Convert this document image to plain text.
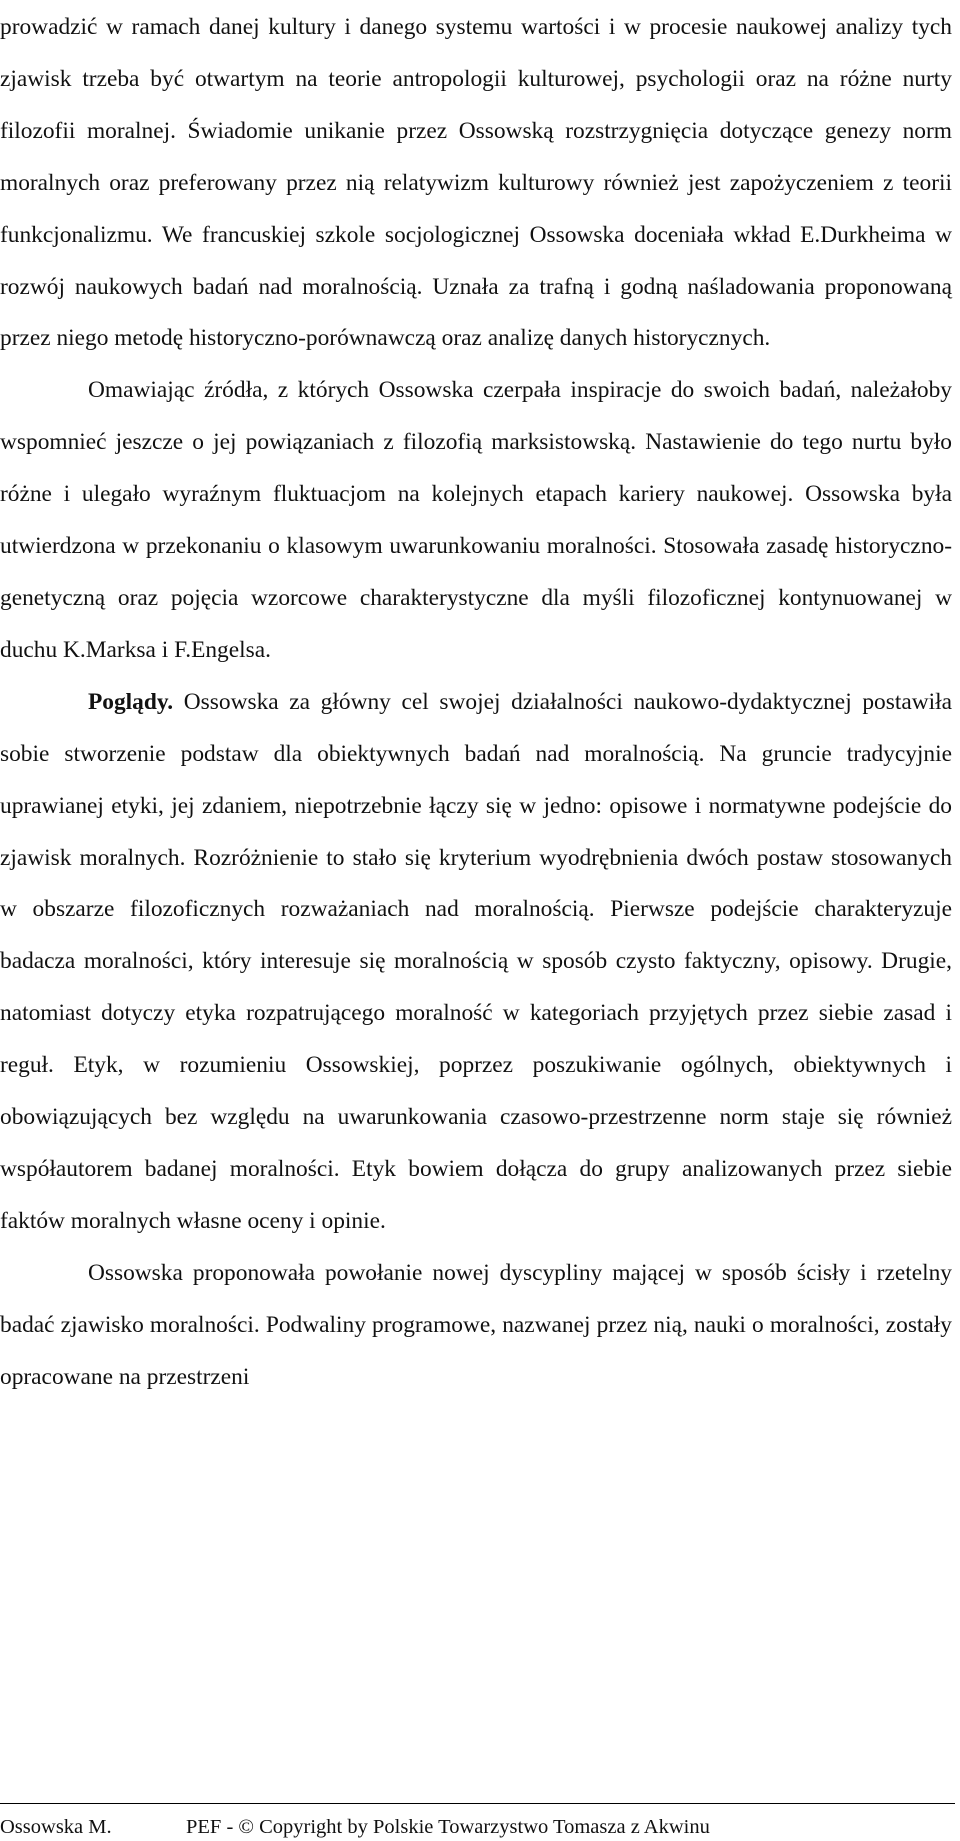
prowadzić w ramach danej kultury i danego systemu wartości i w procesie naukowej analizy tych zjawisk trzeba być otwartym na teorie antropologii kulturowej, psychologii oraz na różne nurty filozofii moralnej. Świadomie unikanie przez Ossowską rozstrzygnięcia dotyczące genezy norm moralnych oraz preferowany przez nią relatywizm kulturowy również jest zapożyczeniem z teorii funkcjonalizmu. We francuskiej szkole socjologicznej Ossowska doceniała wkład E.Durkheima w rozwój naukowych badań nad moralnością. Uznała za trafną i godną naśladowania proponowaną przez niego metodę historyczno-porównawczą oraz analizę danych historycznych.

Omawiając źródła, z których Ossowska czerpała inspiracje do swoich badań, należałoby wspomnieć jeszcze o jej powiązaniach z filozofią marksistowską. Nastawienie do tego nurtu było różne i ulegało wyraźnym fluktuacjom na kolejnych etapach kariery naukowej. Ossowska była utwierdzona w przekonaniu o klasowym uwarunkowaniu moralności. Stosowała zasadę historyczno-genetyczną oraz pojęcia wzorcowe charakterystyczne dla myśli filozoficznej kontynuowanej w duchu K.Marksa i F.Engelsa.

Poglądy. Ossowska za główny cel swojej działalności naukowo-dydaktycznej postawiła sobie stworzenie podstaw dla obiektywnych badań nad moralnością. Na gruncie tradycyjnie uprawianej etyki, jej zdaniem, niepotrzebnie łączy się w jedno: opisowe i normatywne podejście do zjawisk moralnych. Rozróżnienie to stało się kryterium wyodrębnienia dwóch postaw stosowanych w obszarze filozoficznych rozważaniach nad moralnością. Pierwsze podejście charakteryzuje badacza moralności, który interesuje się moralnością w sposób czysto faktyczny, opisowy. Drugie, natomiast dotyczy etyka rozpatrującego moralność w kategoriach przyjętych przez siebie zasad i reguł. Etyk, w rozumieniu Ossowskiej, poprzez poszukiwanie ogólnych, obiektywnych i obowiązujących bez względu na uwarunkowania czasowo-przestrzenne norm staje się również współautorem badanej moralności. Etyk bowiem dołącza do grupy analizowanych przez siebie faktów moralnych własne oceny i opinie.

Ossowska proponowała powołanie nowej dyscypliny mającej w sposób ścisły i rzetelny badać zjawisko moralności. Podwaliny programowe, nazwanej przez nią, nauki o moralności, zostały opracowane na przestrzeni

Ossowska M.	PEF - © Copyright by Polskie Towarzystwo Tomasza z Akwinu
